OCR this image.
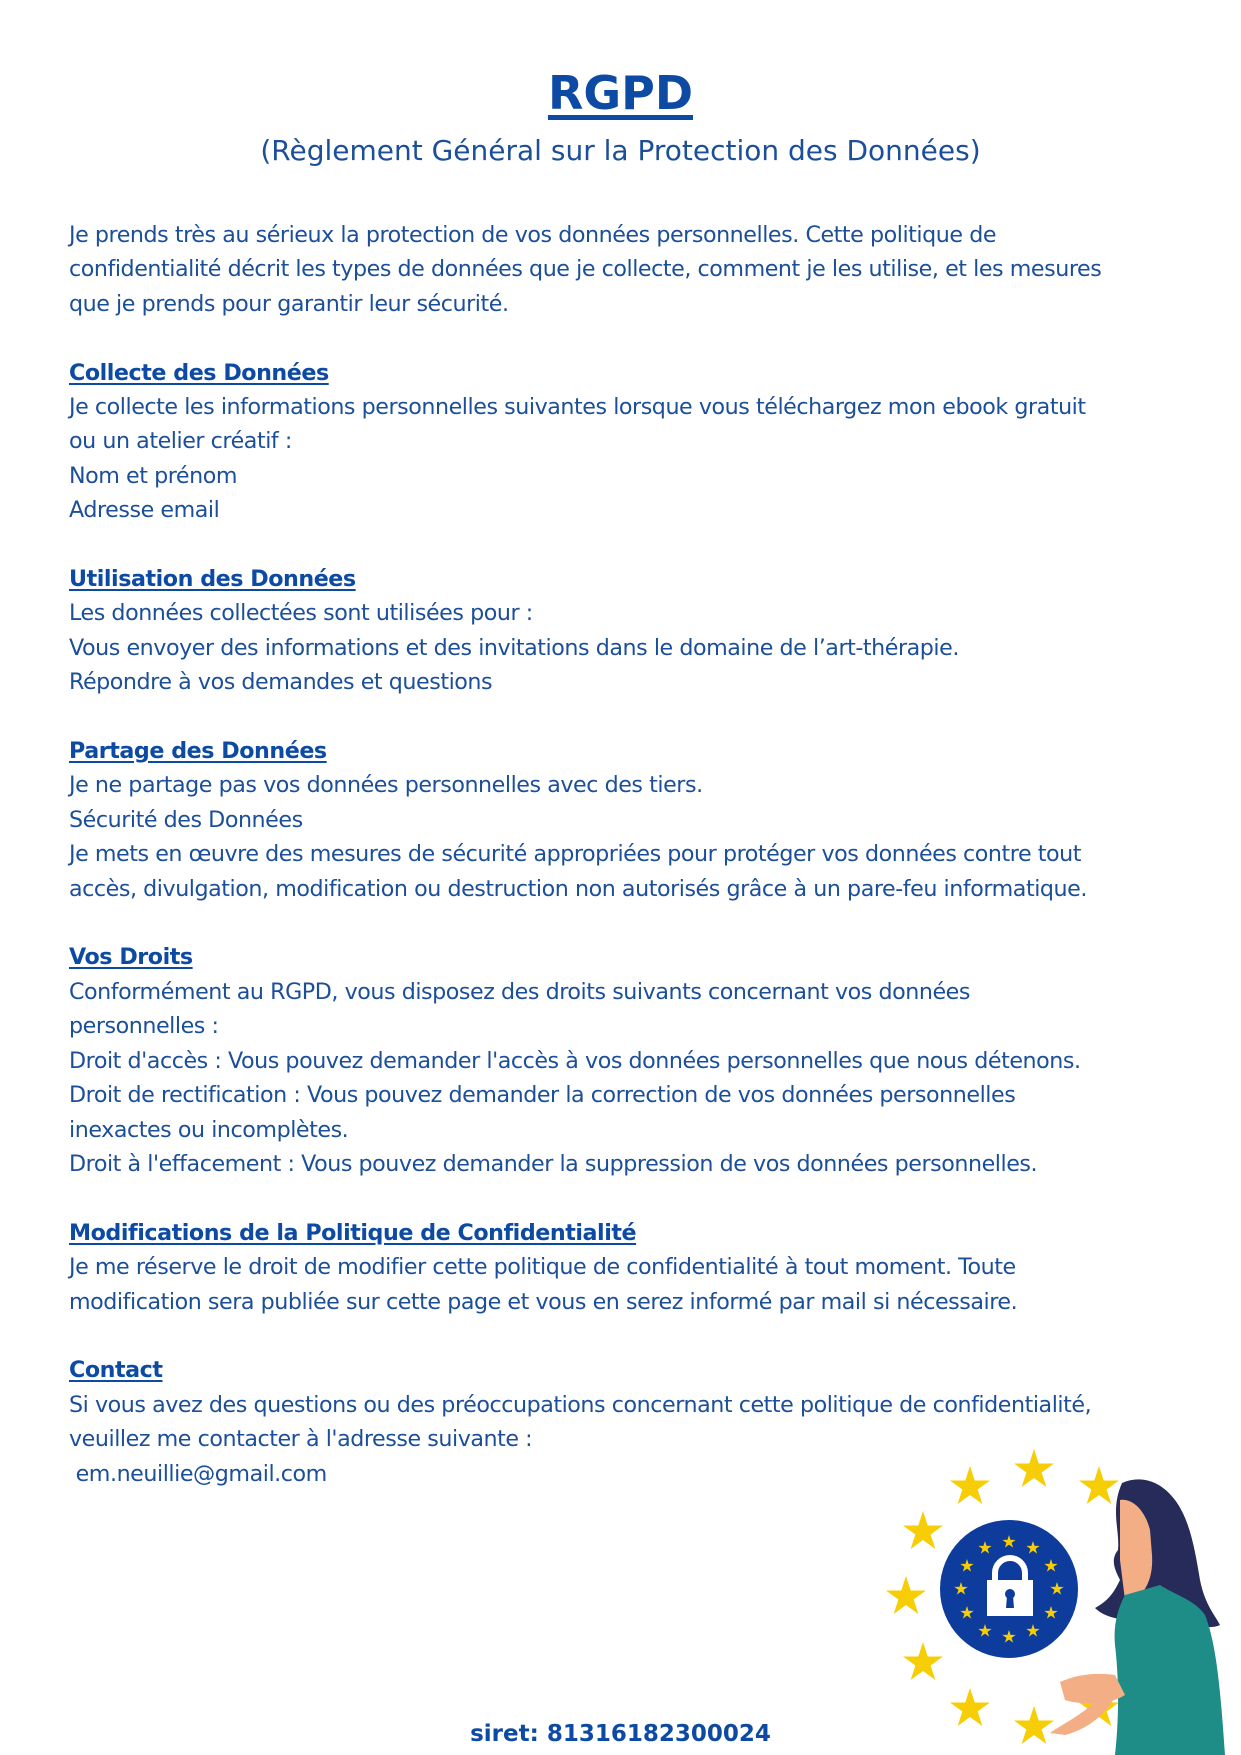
RGPD
(Règlement Général sur la Protection des Données)

Je prends très au sérieux la protection de vos données personnelles. Cette politique de

confidentialité décrit les types de données que je collecte, comment je les utilise, et les mesures

que je prends pour garantir leur sécurité.

Collecte des Données

Je collecte les informations personnelles suivantes lorsque vous téléchargez mon ebook gratuit

ou un atelier créatif :

Nom et prénom

Adresse email

Utilisation des Données

Les données collectées sont utilisées pour :

Vous envoyer des informations et des invitations dans le domaine de l’art-thérapie.

Répondre à vos demandes et questions

Partage des Données

Je ne partage pas vos données personnelles avec des tiers.

Sécurité des Données

Je mets en œuvre des mesures de sécurité appropriées pour protéger vos données contre tout

accès, divulgation, modification ou destruction non autorisés grâce à un pare-feu informatique.

Vos Droits

Conformément au RGPD, vous disposez des droits suivants concernant vos données

personnelles :

Droit d'accès : Vous pouvez demander l'accès à vos données personnelles que nous détenons.

Droit de rectification : Vous pouvez demander la correction de vos données personnelles

inexactes ou incomplètes.

Droit à l'effacement : Vous pouvez demander la suppression de vos données personnelles.

Modifications de la Politique de Confidentialité

Je me réserve le droit de modifier cette politique de confidentialité à tout moment. Toute

modification sera publiée sur cette page et vous en serez informé par mail si nécessaire.

Contact

Si vous avez des questions ou des préoccupations concernant cette politique de confidentialité,

veuillez me contacter à l'adresse suivante :

em.neuillie@gmail.com

siret: 81316182300024
